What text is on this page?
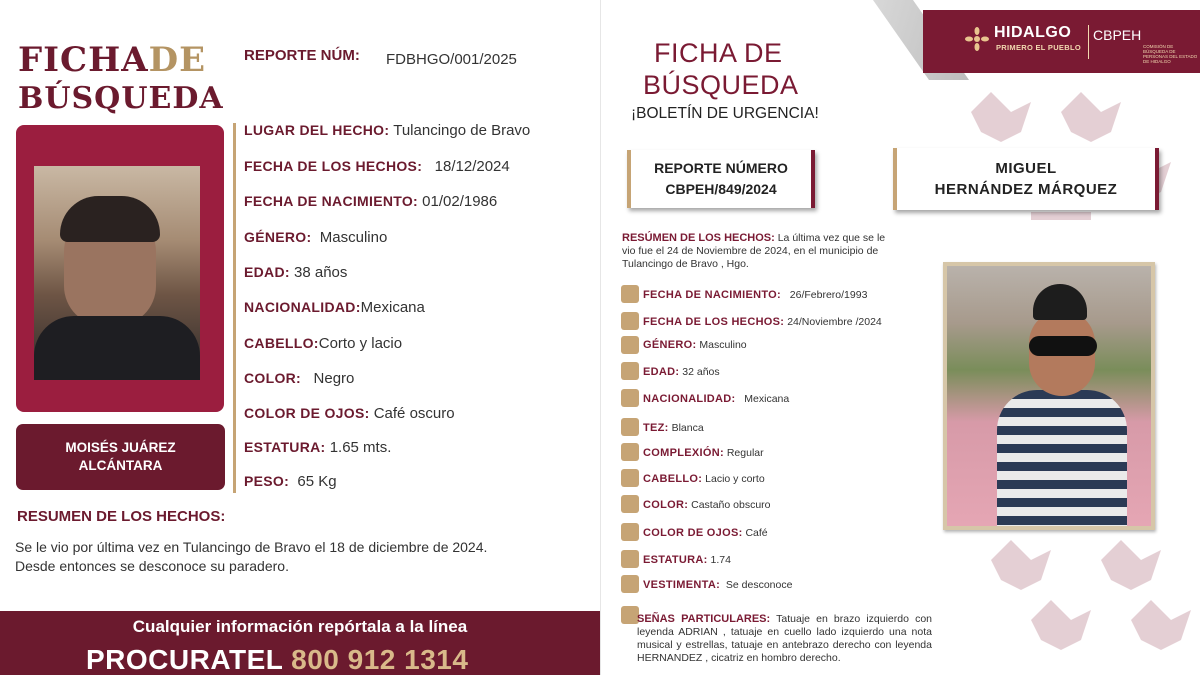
FICHADE
BÚSQUEDA
REPORTE NÚM: FDBHGO/001/2025
MOISÉS JUÁREZ
ALCÁNTARA
LUGAR DEL HECHO: Tulancingo de Bravo
FECHA DE LOS HECHOS: 18/12/2024
FECHA DE NACIMIENTO: 01/02/1986
GÉNERO: Masculino
EDAD: 38 años
NACIONALIDAD:Mexicana
CABELLO:Corto y lacio
COLOR: Negro
COLOR DE OJOS: Café oscuro
ESTATURA: 1.65 mts.
PESO: 65 Kg
RESUMEN DE LOS HECHOS:
Se le vio por última vez en Tulancingo de Bravo el 18 de diciembre de 2024.
Desde entonces se desconoce su paradero.
Cualquier información repórtala a la línea
PROCURATEL 800 912 1314
HIDALGO
PRIMERO EL PUEBLO
CBPEH
COMISIÓN DE BÚSQUEDA DE PERSONAS DEL ESTADO DE HIDALGO
FICHA DE
BÚSQUEDA
¡BOLETÍN DE URGENCIA!
REPORTE NÚMERO
CBPEH/849/2024
MIGUEL
HERNÁNDEZ MÁRQUEZ
RESÚMEN DE LOS HECHOS: La última vez que se le vio fue el 24 de Noviembre de 2024, en el municipio de Tulancingo de Bravo , Hgo.
FECHA DE NACIMIENTO: 26/Febrero/1993
FECHA DE LOS HECHOS: 24/Noviembre /2024
GÉNERO: Masculino
EDAD: 32 años
NACIONALIDAD: Mexicana
TEZ: Blanca
COMPLEXIÓN: Regular
CABELLO: Lacio y corto
COLOR: Castaño obscuro
COLOR DE OJOS: Café
ESTATURA: 1.74
VESTIMENTA: Se desconoce
SEÑAS PARTICULARES: Tatuaje en brazo izquierdo con leyenda ADRIAN , tatuaje en cuello lado izquierdo una nota musical y estrellas, tatuaje en antebrazo derecho con leyenda HERNANDEZ , cicatriz en hombro derecho.
